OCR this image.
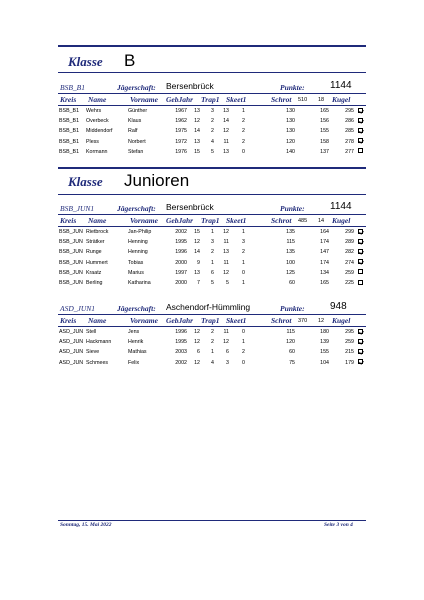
Klasse B
BSB_B1	Jägerschaft: Bersenbrück	Punkte:	1144
Kreis Name	Vorname GebJahr Trap1 Skeet1	Schrot 510 18 Kugel
BSB_B1 Wehrs	Günther	1967	13	3	13	1	130	165	295
BSB_B1 Overbeck	Klaus	1962	12	2	14	2	130	156	286
BSB_B1 Middendorf	Ralf	1975	14	2	12	2	130	155	285
BSB_B1 Pless	Norbert	1972	13	4	11	2	120	158	278
BSB_B1 Kormann	Stefan	1976	15	5	13	0	140	137	277
Klasse Junioren
BSB_JUN1	Jägerschaft: Bersenbrück	Punkte:	1144
Kreis Name	Vorname GebJahr Trap1 Skeet1	Schrot 485 14 Kugel
BSB_JUN Rietbrock	Jan-Philip	2002	15	1	12	1	135	164	299
BSB_JUN Strätker	Henning	1995	12	3	11	3	115	174	289
BSB_JUN Runge	Henning	1996	14	2	13	2	135	147	282
BSB_JUN Hummert	Tobias	2000	9	1	11	1	100	174	274
BSB_JUN Kraatz	Marius	1997	13	6	12	0	125	134	259
BSB_JUN Berling	Katharina	2000	7	5	5	1	60	165	225
ASD_JUN1	Jägerschaft: Aschendorf-Hümmling	Punkte:	948
Kreis Name	Vorname GebJahr Trap1 Skeet1	Schrot 370 12 Kugel
ASD_JUN Stell	Jens	1996	12	2	11	0	115	180	295
ASD_JUN Hackmann	Henrik	1995	12	2	12	1	120	139	259
ASD_JUN Sieve	Mathias	2003	6	1	6	2	60	155	215
ASD_JUN Schmees	Felix	2002	12	4	3	0	75	104	179
Sonntag, 15. Mai 2022	Seite 3 von 4
